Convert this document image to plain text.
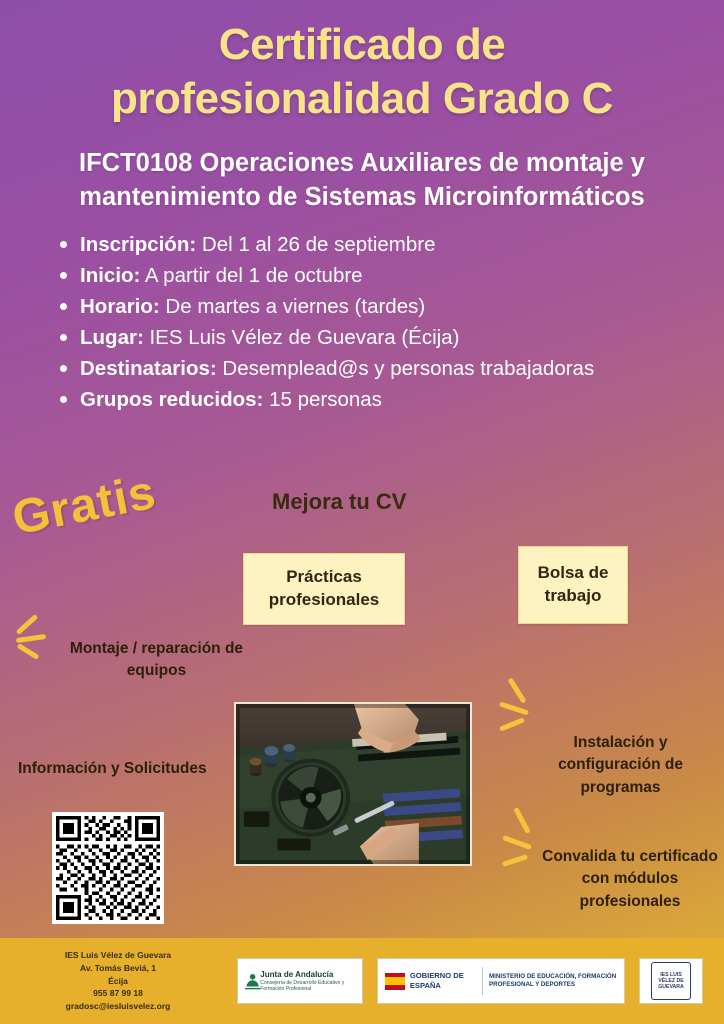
Certificado de
profesionalidad Grado C
IFCT0108 Operaciones Auxiliares de montaje y
mantenimiento de Sistemas Microinformáticos
Inscripción: Del 1 al 26 de septiembre
Inicio: A partir del 1 de octubre
Horario: De martes a viernes (tardes)
Lugar: IES Luis Vélez de Guevara (Écija)
Destinatarios: Desemplead@s y personas trabajadoras
Grupos reducidos: 15 personas
Gratis	Mejora tu CV
Prácticas profesionales
Bolsa de trabajo
Montaje / reparación de equipos
Instalación y configuración de programas
Convalida tu certificado con módulos profesionales
Información y Solicitudes
IES Luis Vélez de Guevara
Av. Tomás Beviá, 1
Écija
955 87 99 18
gradosc@iesluisvelez.org
Junta de Andalucía
Consejería de Desarrollo Educativo y Formación Profesional
GOBIERNO DE ESPAÑA
MINISTERIO DE EDUCACIÓN, FORMACIÓN PROFESIONAL Y DEPORTES
IES LUIS VÉLEZ DE GUEVARA
